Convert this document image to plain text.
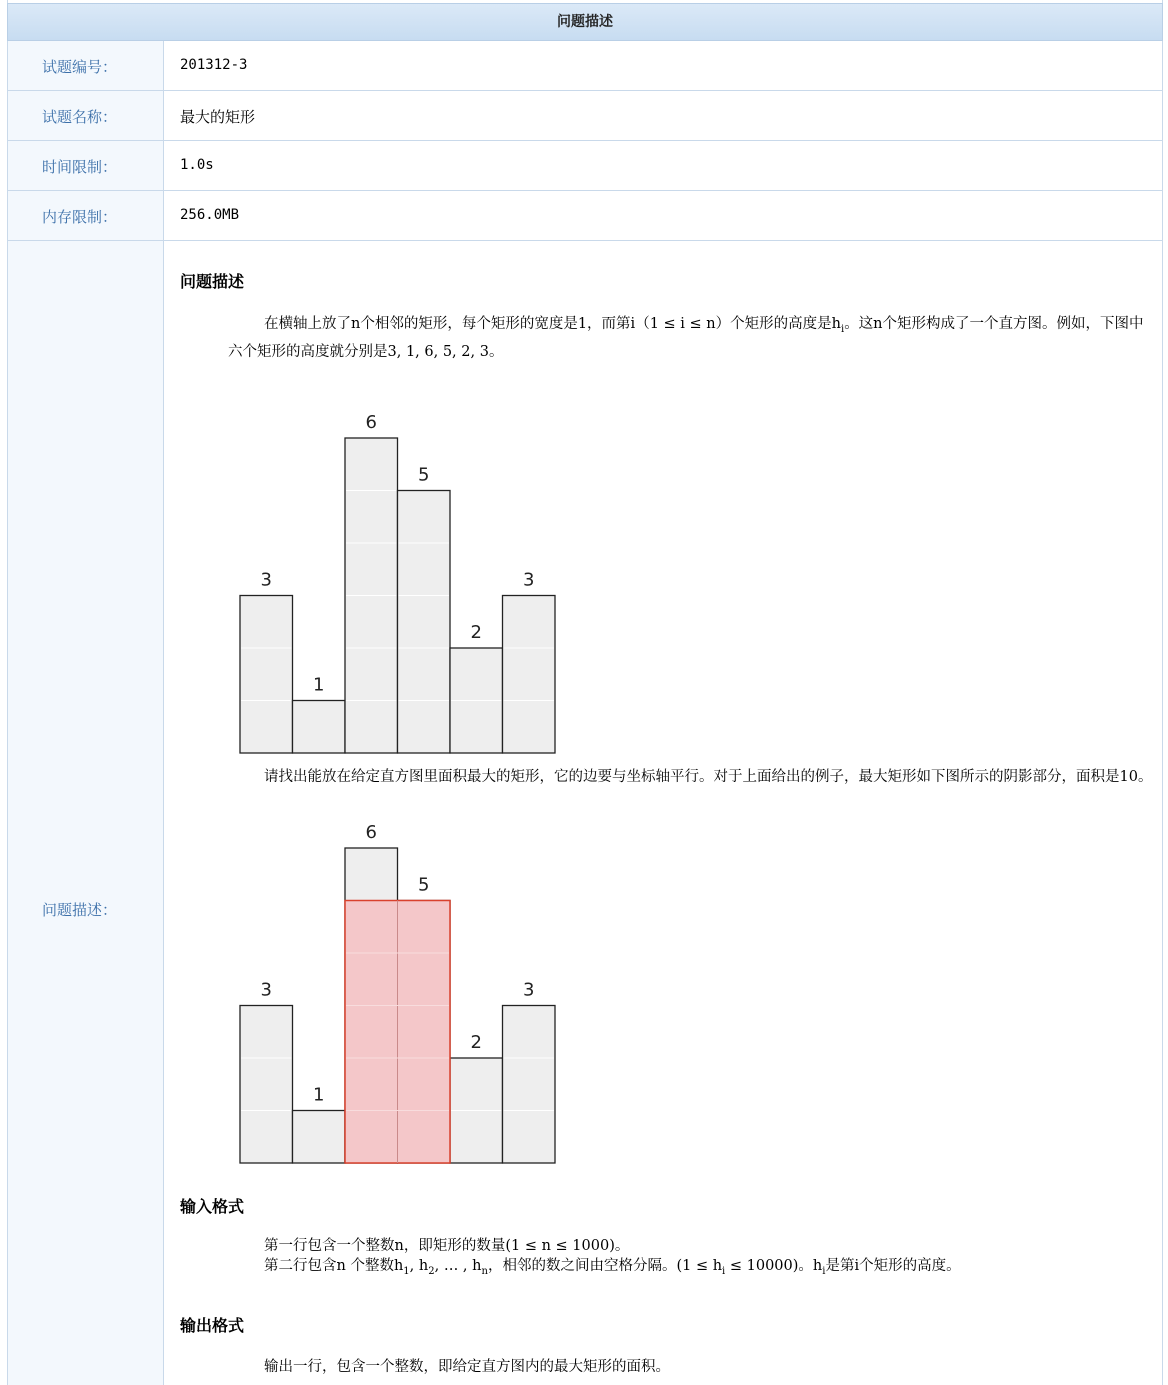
问题描述
试题编号：	201312-3
试题名称：	最大的矩形
时间限制：	1.0s
内存限制：	256.0MB
问题描述：
问题描述
在横轴上放了n个相邻的矩形，每个矩形的宽度是1，而第i（1 ≤ i ≤ n）个矩形的高度是$h_i$。这n个矩形构成了一个直方图。例如，下图中六个矩形的高度就分别是3, 1, 6, 5, 2, 3。
3
1
6
5
2
3
请找出能放在给定直方图里面积最大的矩形，它的边要与坐标轴平行。对于上面给出的例子，最大矩形如下图所示的阴影部分，面积是10。
3
1
6
5
2
3
输入格式
第一行包含一个整数n，即矩形的数量(1 ≤ n ≤ 1000)。
第二行包含n 个整数$h_1$, $h_2$, … , $h_n$，相邻的数之间由空格分隔。$(1 \le h_i \le 10000)$。$h_i$是第i个矩形的高度。
输出格式
输出一行，包含一个整数，即给定直方图内的最大矩形的面积。
